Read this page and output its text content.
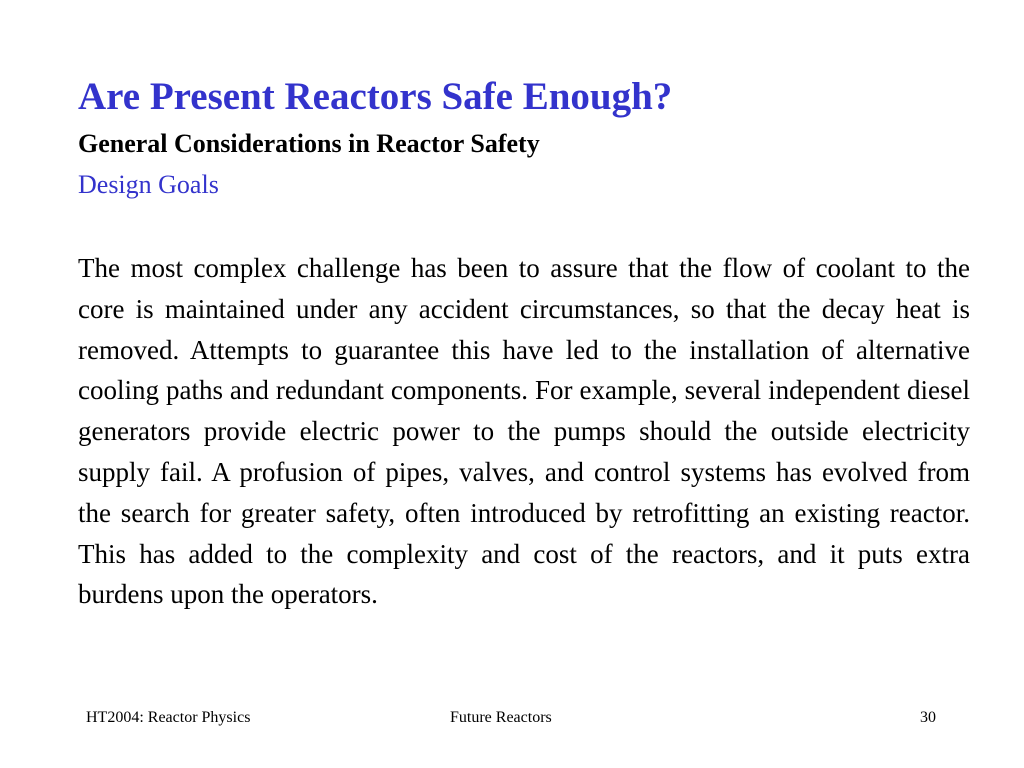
Are Present Reactors Safe Enough?
General Considerations in Reactor Safety
Design Goals
The most complex challenge has been to assure that the flow of coolant to the core is maintained under any accident circumstances, so that the decay heat is removed. Attempts to guarantee this have led to the installation of alternative cooling paths and redundant components. For example, several independent diesel generators provide electric power to the pumps should the outside electricity supply fail. A profusion of pipes, valves, and control systems has evolved from the search for greater safety, often introduced by retrofitting an existing reactor. This has added to the complexity and cost of the reactors, and it puts extra burdens upon the operators.
HT2004: Reactor Physics	Future Reactors	30
